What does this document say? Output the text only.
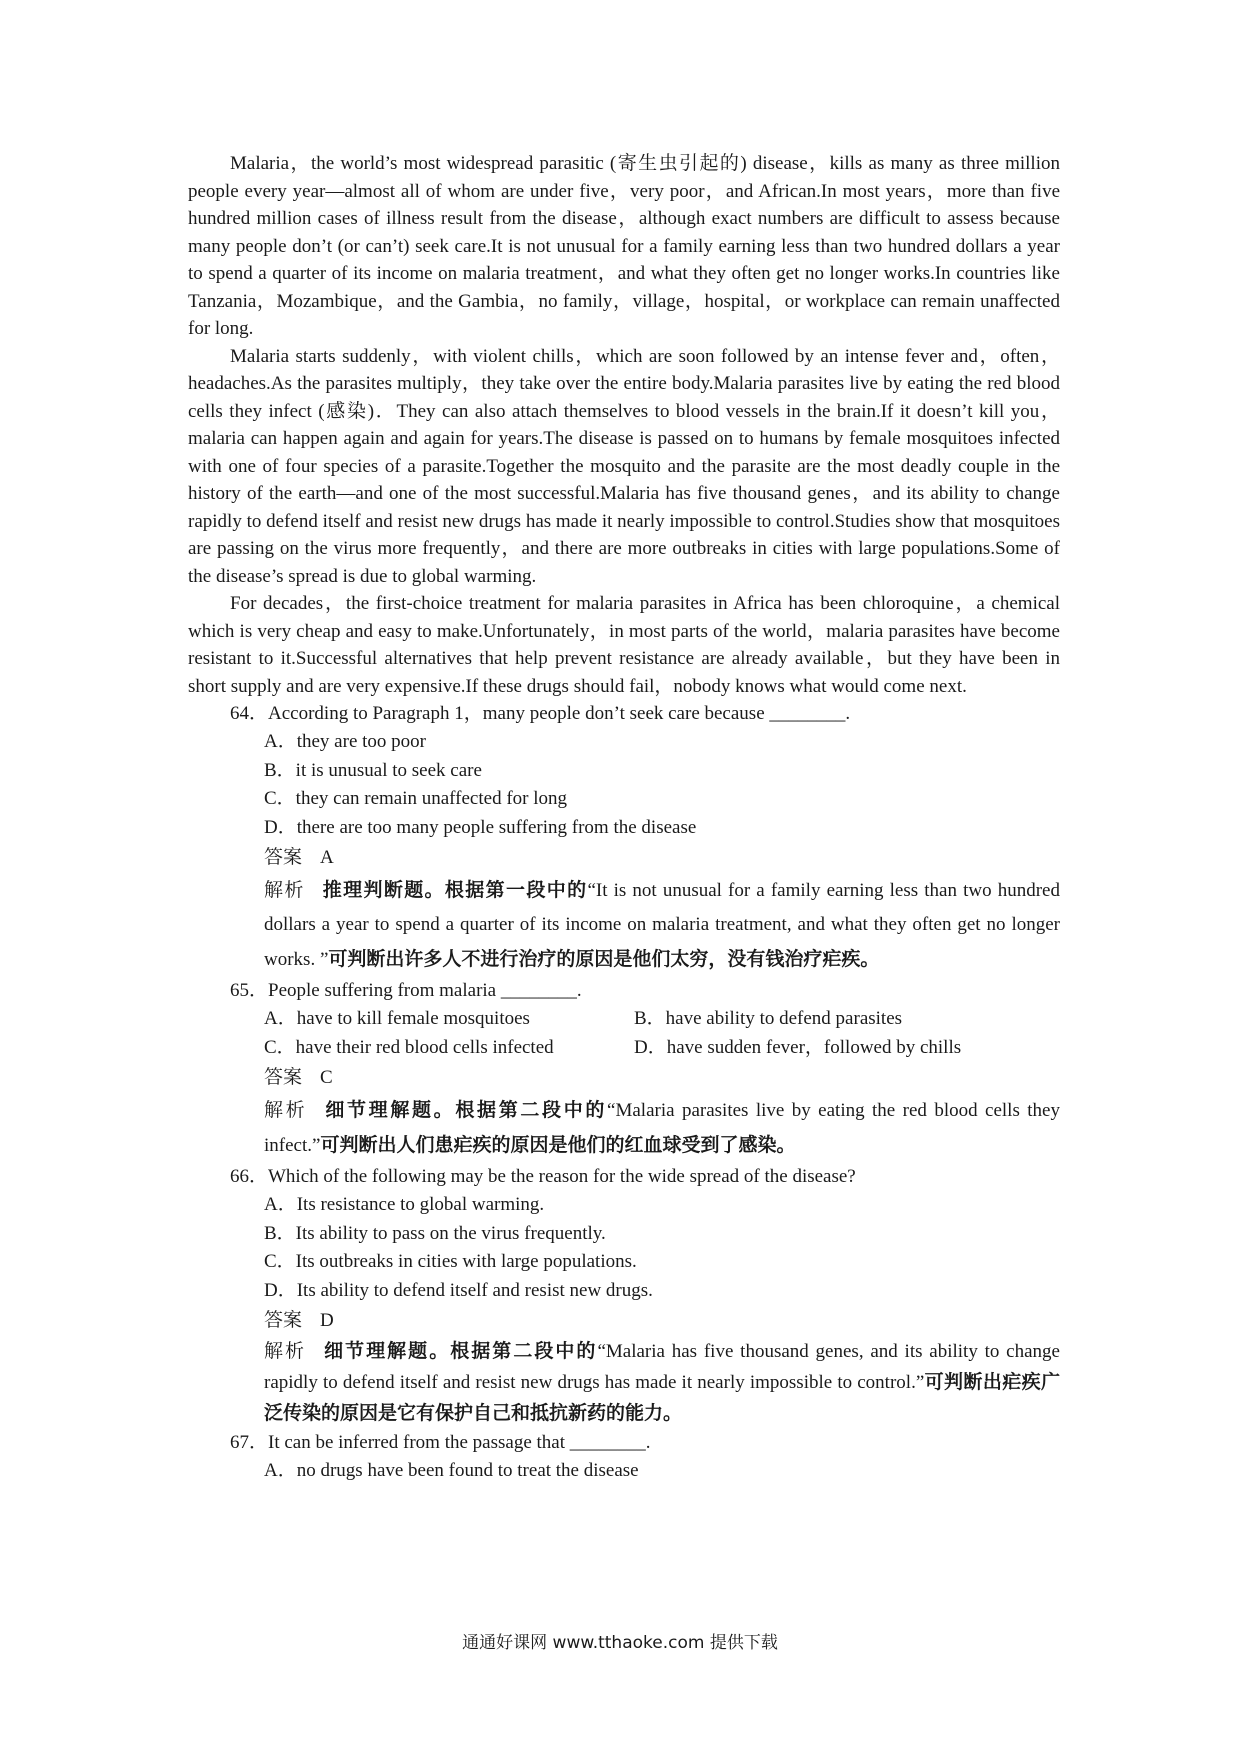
Malaria，the world’s most widespread parasitic (寄生虫引起的) disease，kills as many as three million people every year—almost all of whom are under five，very poor，and African.In most years，more than five hundred million cases of illness result from the disease，although exact numbers are difficult to assess because many people don’t (or can’t) seek care.It is not unusual for a family earning less than two hundred dollars a year to spend a quarter of its income on malaria treatment，and what they often get no longer works.In countries like Tanzania，Mozambique，and the Gambia，no family，village，hospital，or workplace can remain unaffected for long.

Malaria starts suddenly，with violent chills，which are soon followed by an intense fever and，often，headaches.As the parasites multiply，they take over the entire body.Malaria parasites live by eating the red blood cells they infect (感染)．They can also attach themselves to blood vessels in the brain.If it doesn’t kill you，malaria can happen again and again for years.The disease is passed on to humans by female mosquitoes infected with one of four species of a parasite.Together the mosquito and the parasite are the most deadly couple in the history of the earth—and one of the most successful.Malaria has five thousand genes，and its ability to change rapidly to defend itself and resist new drugs has made it nearly impossible to control.Studies show that mosquitoes are passing on the virus more frequently，and there are more outbreaks in cities with large populations.Some of the disease’s spread is due to global warming.

For decades，the first-choice treatment for malaria parasites in Africa has been chloroquine，a chemical which is very cheap and easy to make.Unfortunately，in most parts of the world，malaria parasites have become resistant to it.Successful alternatives that help prevent resistance are already available，but they have been in short supply and are very expensive.If these drugs should fail，nobody knows what would come next.

64．According to Paragraph 1，many people don’t seek care because ________.

A．they are too poor
B．it is unusual to seek care
C．they can remain unaffected for long
D．there are too many people suffering from the disease
答案 A
解析 推理判断题。根据第一段中的“It is not unusual for a family earning less than two hundred dollars a year to spend a quarter of its income on malaria treatment, and what they often get no longer works. ”可判断出许多人不进行治疗的原因是他们太穷，没有钱治疗疟疾。

65．People suffering from malaria ________.

A．have to kill female mosquitoes	B．have ability to defend parasites
C．have their red blood cells infected	D．have sudden fever，followed by chills
答案 C
解析 细节理解题。根据第二段中的“Malaria parasites live by eating the red blood cells they infect.”可判断出人们患疟疾的原因是他们的红血球受到了感染。

66．Which of the following may be the reason for the wide spread of the disease?

A．Its resistance to global warming.
B．Its ability to pass on the virus frequently.
C．Its outbreaks in cities with large populations.
D．Its ability to defend itself and resist new drugs.
答案 D
解析 细节理解题。根据第二段中的“Malaria has five thousand genes, and its ability to change rapidly to defend itself and resist new drugs has made it nearly impossible to control.”可判断出疟疾广泛传染的原因是它有保护自己和抵抗新药的能力。

67．It can be inferred from the passage that ________.

A．no drugs have been found to treat the disease
通通好课网 www.tthaoke.com 提供下载
